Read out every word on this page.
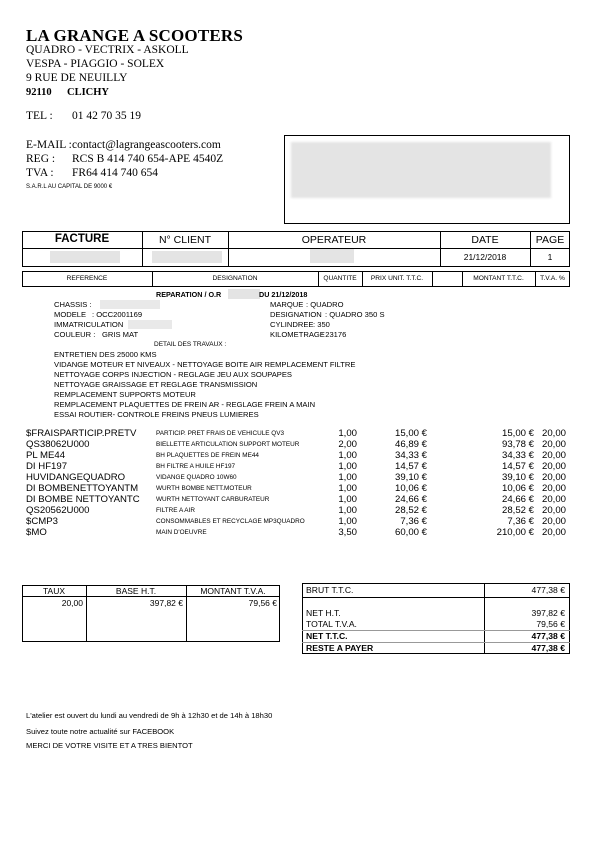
LA GRANGE A SCOOTERS
QUADRO - VECTRIX - ASKOLL
VESPA - PIAGGIO - SOLEX
9 RUE DE NEUILLY
92110 CLICHY
TEL : 01 42 70 35 19
E-MAIL : contact@lagrangeascooters.com
REG : RCS B 414 740 654-APE 4540Z
TVA : FR64 414 740 654
S.A.R.L AU CAPITAL DE 9000 €
FACTURE	N° CLIENT	OPERATEUR	DATE	PAGE
21/12/2018	1
REFERENCE	DESIGNATION	QUANTITE	PRIX UNIT. T.T.C.	MONTANT T.T.C.	T.V.A. %
REPARATION / O.R	DU 21/12/2018
CHASSIS :
MODELE : OCC2001169
IMMATRICULATION
COULEUR : GRIS MAT
MARQUE : QUADRO
DESIGNATION : QUADRO 350 S
CYLINDREE : 350
KILOMETRAGE
: 23176
DETAIL DES TRAVAUX :
ENTRETIEN DES 25000 KMS
VIDANGE MOTEUR ET NIVEAUX - NETTOYAGE BOITE AIR REMPLACEMENT FILTRE
NETTOYAGE CORPS INJECTION - REGLAGE JEU AUX SOUPAPES
NETTOYAGE GRAISSAGE ET REGLAGE TRANSMISSION
REMPLACEMENT SUPPORTS MOTEUR
REMPLACEMENT PLAQUETTES DE FREIN AR - REGLAGE FREIN A MAIN
ESSAI ROUTIER- CONTROLE FREINS PNEUS LUMIERES
$FRAISPARTICIP.PRETV	PARTICIP. PRET FRAIS DE VEHICULE QV3	1,00	15,00 €	15,00 € 20,00
QS38062U000	BIELLETTE ARTICULATION SUPPORT MOTEUR	2,00	46,89 €	93,78 € 20,00
PL ME44	BH PLAQUETTES DE FREIN ME44	1,00	34,33 €	34,33 € 20,00
DI HF197	BH FILTRE A HUILE HF197	1,00	14,57 €	14,57 € 20,00
HUVIDANGEQUADRO	VIDANGE QUADRO 10W60	1,00	39,10 €	39,10 € 20,00
DI BOMBENETTOYANTM	WURTH BOMBE NETT.MOTEUR	1,00	10,06 €	10,06 € 20,00
DI BOMBE NETTOYANTC	WURTH NETTOYANT CARBURATEUR	1,00	24,66 €	24,66 € 20,00
QS20562U000	FILTRE A AIR	1,00	28,52 €	28,52 € 20,00
$CMP3	CONSOMMABLES ET RECYCLAGE MP3QUADRO	1,00	7,36 €	7,36 € 20,00
$MO	MAIN D'OEUVRE	3,50	60,00 €	210,00 € 20,00
TAUX	BASE H.T.	MONTANT T.V.A.
20,00	397,82 €	79,56 €
BRUT T.T.C.	477,38 €
NET H.T.	397,82 €
TOTAL T.V.A.	79,56 €
NET T.T.C.	477,38 €
RESTE A PAYER	477,38 €
L'atelier est ouvert du lundi au vendredi de 9h à 12h30 et de 14h à 18h30
Suivez toute notre actualité sur FACEBOOK
MERCI DE VOTRE VISITE ET A TRES BIENTOT
